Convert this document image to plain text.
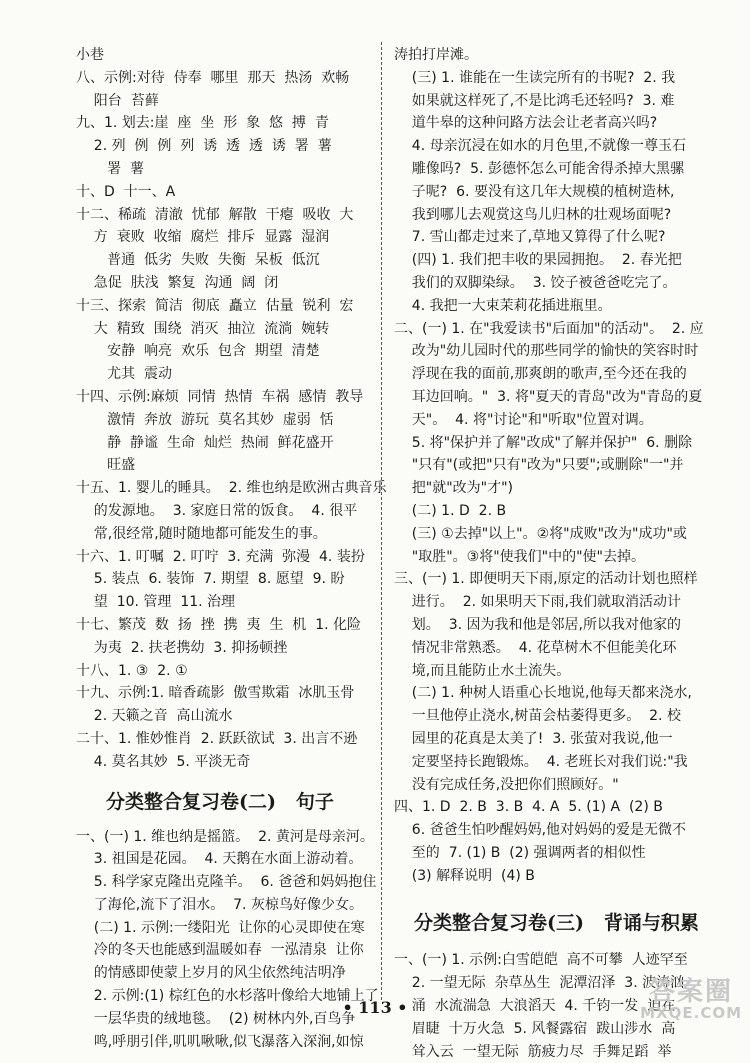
小巷
八、示例:对待  侍奉  哪里  那天  热汤  欢畅
阳台  苔藓
九、1. 划去:崖  座  坐  形  象  悠  搏  青
2. 列  例  例  列  诱  透  透  诱  署  薯
署  薯
十、D  十一、A
十二、稀疏  清澈  忧郁  解散  干瘪  吸收  大
方  衰败  收缩  腐烂  排斥  显露  湿润
普通  低劣  失败  失衡  呆板  低沉
急促  肤浅  繁复  沟通  阔  闭
十三、探索  简洁  彻底  矗立  估量  锐利  宏
大  精致  围绕  消灭  抽泣  流淌  婉转
安静  响亮  欢乐  包含  期望  清楚
尤其  震动
十四、示例:麻烦  同情  热情  车祸  感情  教导
激情  奔放  游玩  莫名其妙  虚弱  恬
静  静谧  生命  灿烂  热闹  鲜花盛开
旺盛
十五、1. 婴儿的睡具。  2. 维也纳是欧洲古典音乐
的发源地。  3. 家庭日常的饭食。  4. 很平
常,很经常,随时随地都可能发生的事。
十六、1. 叮嘱  2. 叮咛  3. 充满  弥漫  4. 装扮
5. 装点  6. 装饰  7. 期望  8. 愿望  9. 盼
望  10. 管理  11. 治理
十七、繁茂  数  扬  挫  携  夷  生  机  1. 化险
为夷  2. 扶老携幼  3. 抑扬顿挫
十八、1. ③  2. ①
十九、示例:1. 暗香疏影  傲雪欺霜  冰肌玉骨
2. 天籁之音  高山流水
二十、1. 惟妙惟肖  2. 跃跃欲试  3. 出言不逊
4. 莫名其妙  5. 平淡无奇
分类整合复习卷(二)   句子
一、(一) 1. 维也纳是摇篮。  2. 黄河是母亲河。
3. 祖国是花园。  4. 天鹅在水面上游动着。
5. 科学家克隆出克隆羊。  6. 爸爸和妈妈抱住
了海伦,流下了泪水。  7. 灰椋鸟好像少女。
(二) 1. 示例:一缕阳光  让你的心灵即使在寒
冷的冬天也能感到温暖如春  一泓清泉  让你
的情感即使蒙上岁月的风尘依然纯洁明净
2. 示例:(1) 棕红色的水杉落叶像给大地铺上了
一层华贵的绒地毯。  (2) 树林内外,百鸟争
鸣,呼朋引伴,叽叽啾啾,似飞瀑落入深涧,如惊
涛拍打岸滩。
(三) 1. 谁能在一生读完所有的书呢?  2. 我
如果就这样死了,不是比鸿毛还轻吗?  3. 难
道牛皋的这种问路方法会让老者高兴吗?
4. 母亲沉浸在如水的月色里,不就像一尊玉石
雕像吗?  5. 彭德怀怎么可能舍得杀掉大黑骡
子呢?  6. 要没有这几年大规模的植树造林,
我到哪儿去观赏这鸟儿归林的壮观场面呢?
7. 雪山都走过来了,草地又算得了什么呢?
(四) 1. 我们把丰收的果园拥抱。  2. 春光把
我们的双脚染绿。  3. 饺子被爸爸吃完了。
4. 我把一大束茉莉花插进瓶里。
二、(一) 1. 在"我爱读书"后面加"的活动"。  2. 应
改为"幼儿园时代的那些同学的愉快的笑容时时
浮现在我的面前,那爽朗的歌声,至今还在我的
耳边回响。"  3. 将"夏天的青岛"改为"青岛的夏
天"。  4. 将"讨论"和"听取"位置对调。
5. 将"保护并了解"改成"了解并保护"  6. 删除
"只有"(或把"只有"改为"只要";或删除"一"并
把"就"改为"才")
(二) 1. D  2. B
(三) ①去掉"以上"。②将"成败"改为"成功"或
"取胜"。③将"使我们"中的"使"去掉。
三、(一) 1. 即便明天下雨,原定的活动计划也照样
进行。  2. 如果明天下雨,我们就取消活动计
划。  3. 因为我和他是邻居,所以我对他家的
情况非常熟悉。  4. 花草树木不但能美化环
境,而且能防止水土流失。
(二) 1. 种树人语重心长地说,他每天都来浇水,
一旦他停止浇水,树苗会枯萎得更多。  2. 校
园里的花真是太美了!  3. 张萤对我说,他一
定要坚持长跑锻炼。  4. 老班长对我们说:"我
没有完成任务,没把你们照顾好。"
四、1. D  2. B  3. B  4. A  5. (1) A  (2) B
6. 爸爸生怕吵醒妈妈,他对妈妈的爱是无微不
至的  7. (1) B  (2) 强调两者的相似性
(3) 解释说明  (4) B
分类整合复习卷(三)   背诵与积累
一、(一) 1. 示例:白雪皑皑  高不可攀  人迹罕至
2. 一望无际  杂草丛生  泥潭沼泽  3. 波涛汹
涌  水流湍急  大浪滔天  4. 千钧一发  迫在
眉睫  十万火急  5. 风餐露宿  跋山涉水  高
耸入云  一望无际  筋疲力尽  手舞足蹈  举
• 113 •
答案圈
MXQE.COM
